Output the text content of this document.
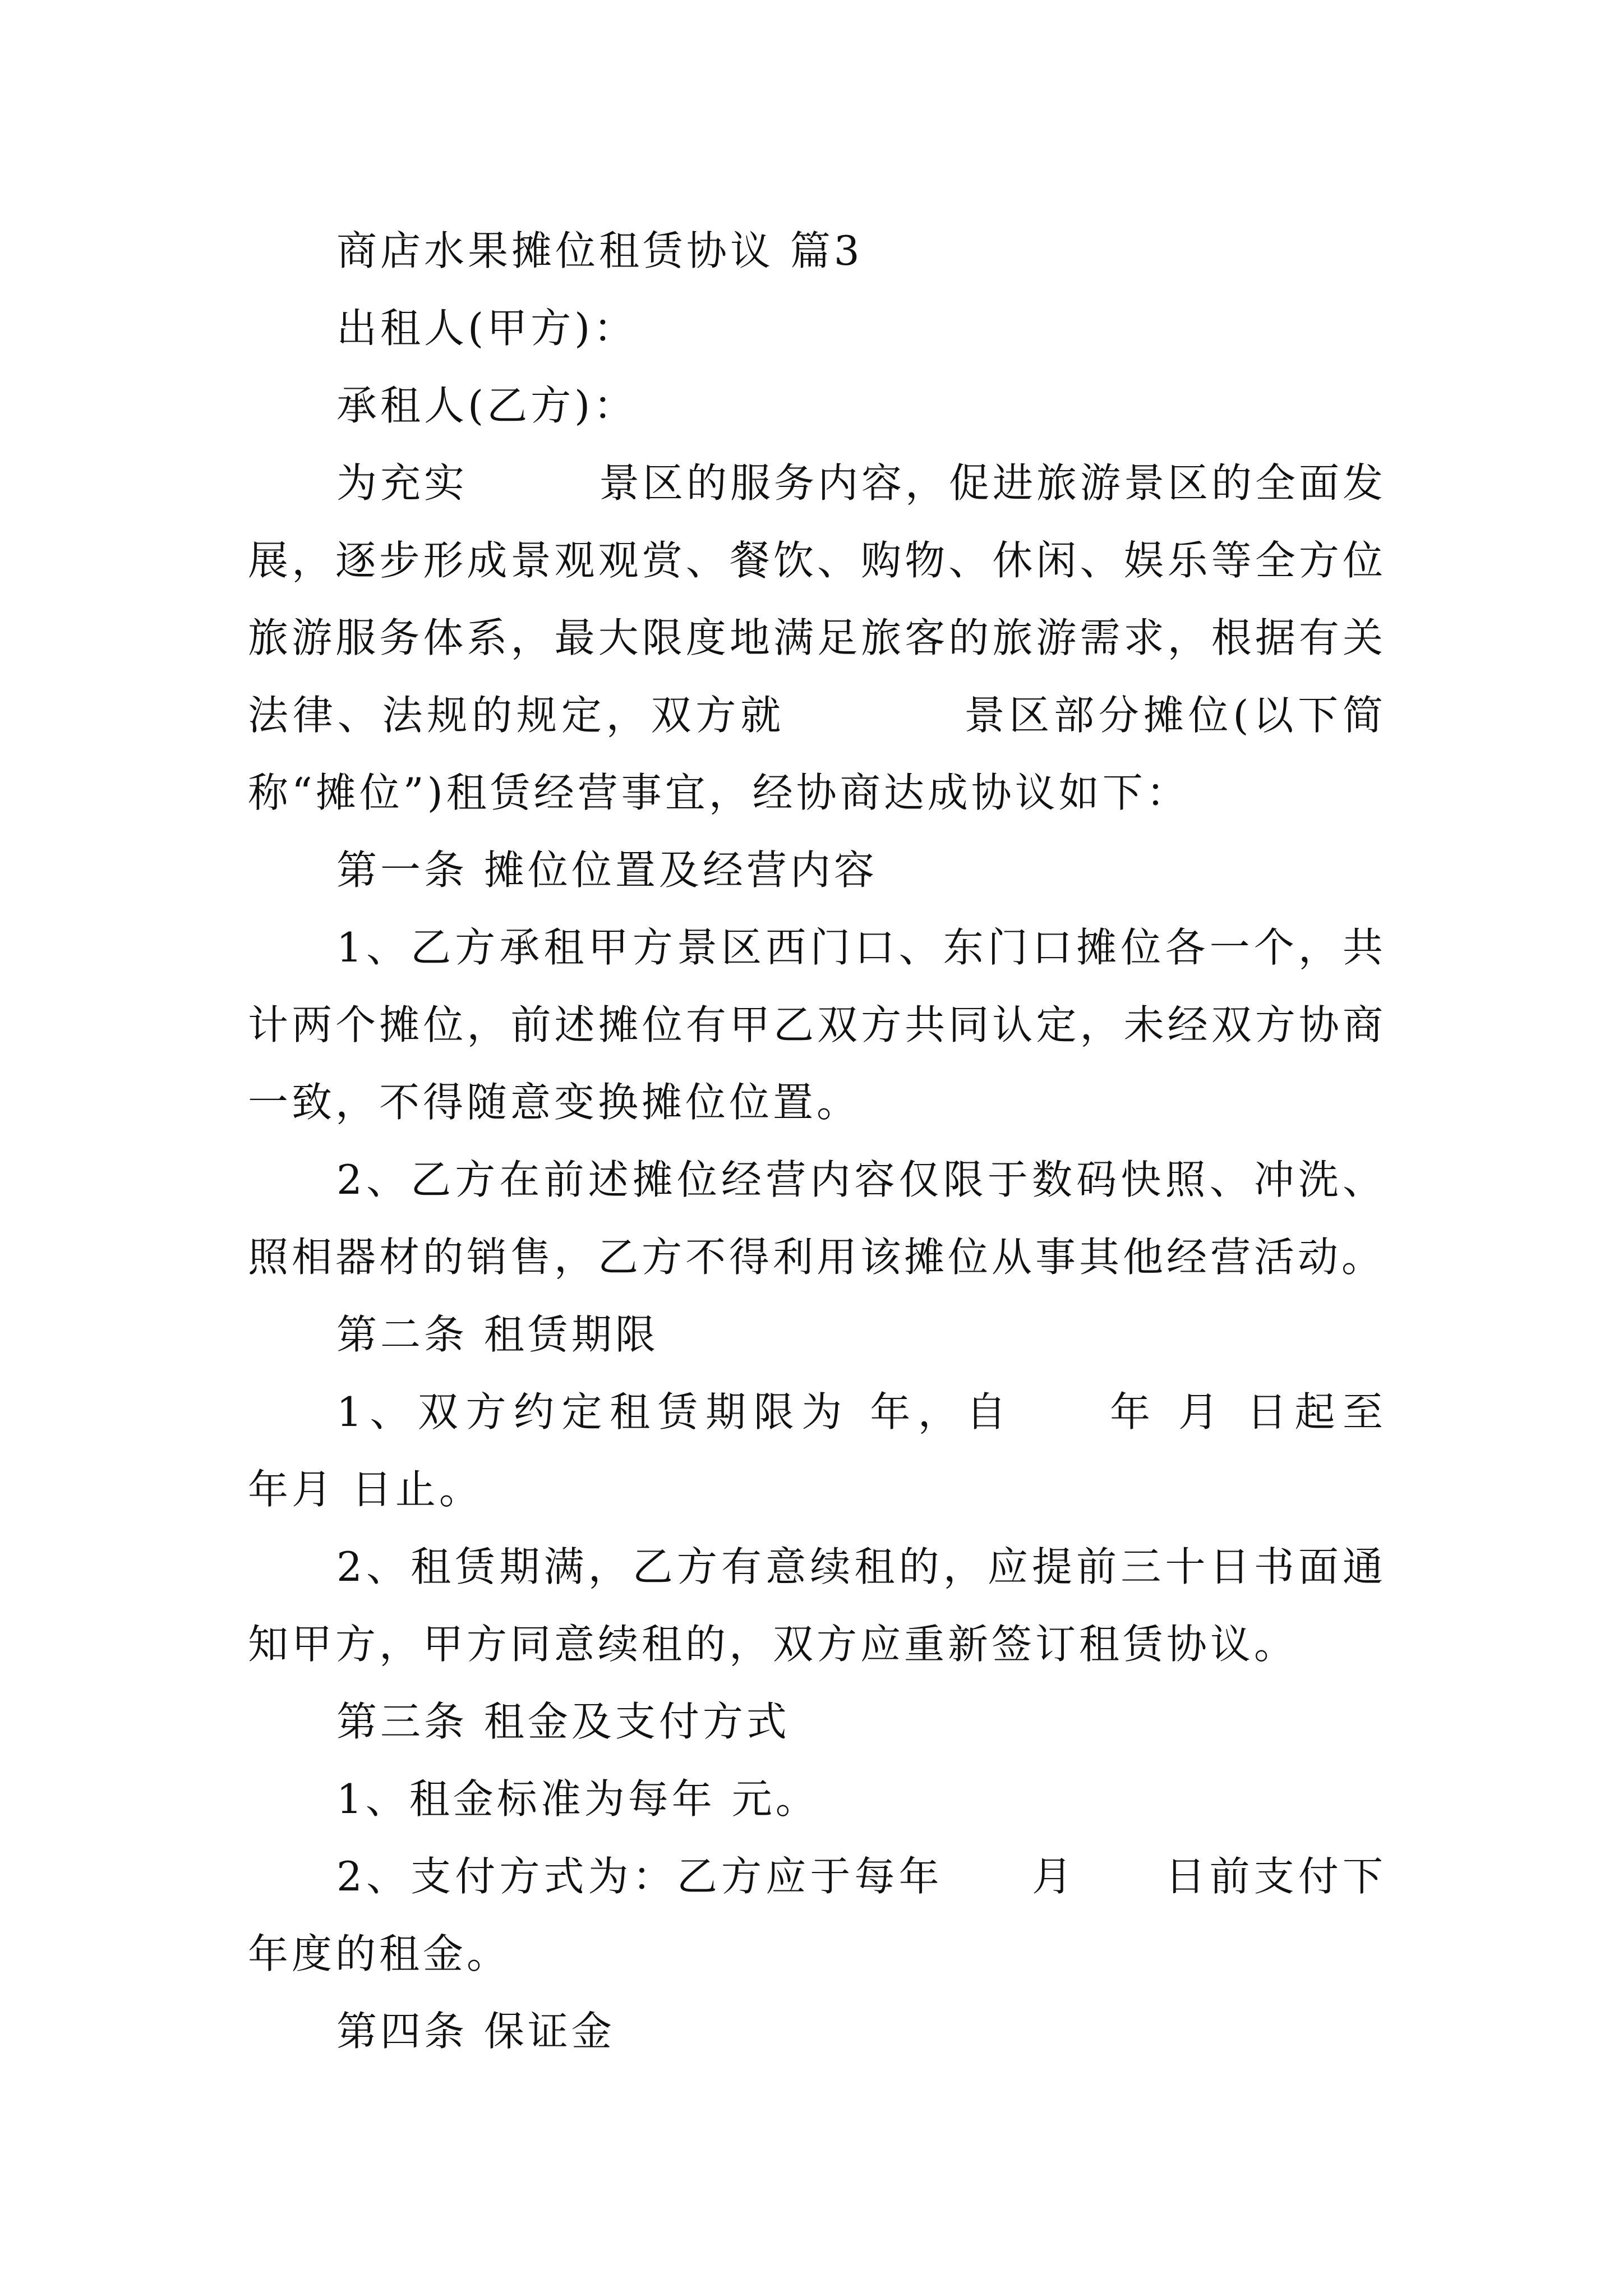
商店水果摊位租赁协议 篇3

出租人(甲方)：

承租人(乙方)：

为充实　　　景区的服务内容，促进旅游景区的全面发展，逐步形成景观观赏、餐饮、购物、休闲、娱乐等全方位旅游服务体系，最大限度地满足旅客的旅游需求，根据有关法律、法规的规定，双方就　　　　景区部分摊位(以下简称“摊位”)租赁经营事宜，经协商达成协议如下：

第一条 摊位位置及经营内容

1、乙方承租甲方景区西门口、东门口摊位各一个，共计两个摊位，前述摊位有甲乙双方共同认定，未经双方协商一致，不得随意变换摊位位置。

2、乙方在前述摊位经营内容仅限于数码快照、冲洗、照相器材的销售，乙方不得利用该摊位从事其他经营活动。

第二条 租赁期限

1、双方约定租赁期限为 年，自　　年 月 日起至　　年月 日止。

2、租赁期满，乙方有意续租的，应提前三十日书面通知甲方，甲方同意续租的，双方应重新签订租赁协议。

第三条 租金及支付方式

1、租金标准为每年 元。

2、支付方式为：乙方应于每年　　月　　日前支付下年度的租金。

第四条 保证金
